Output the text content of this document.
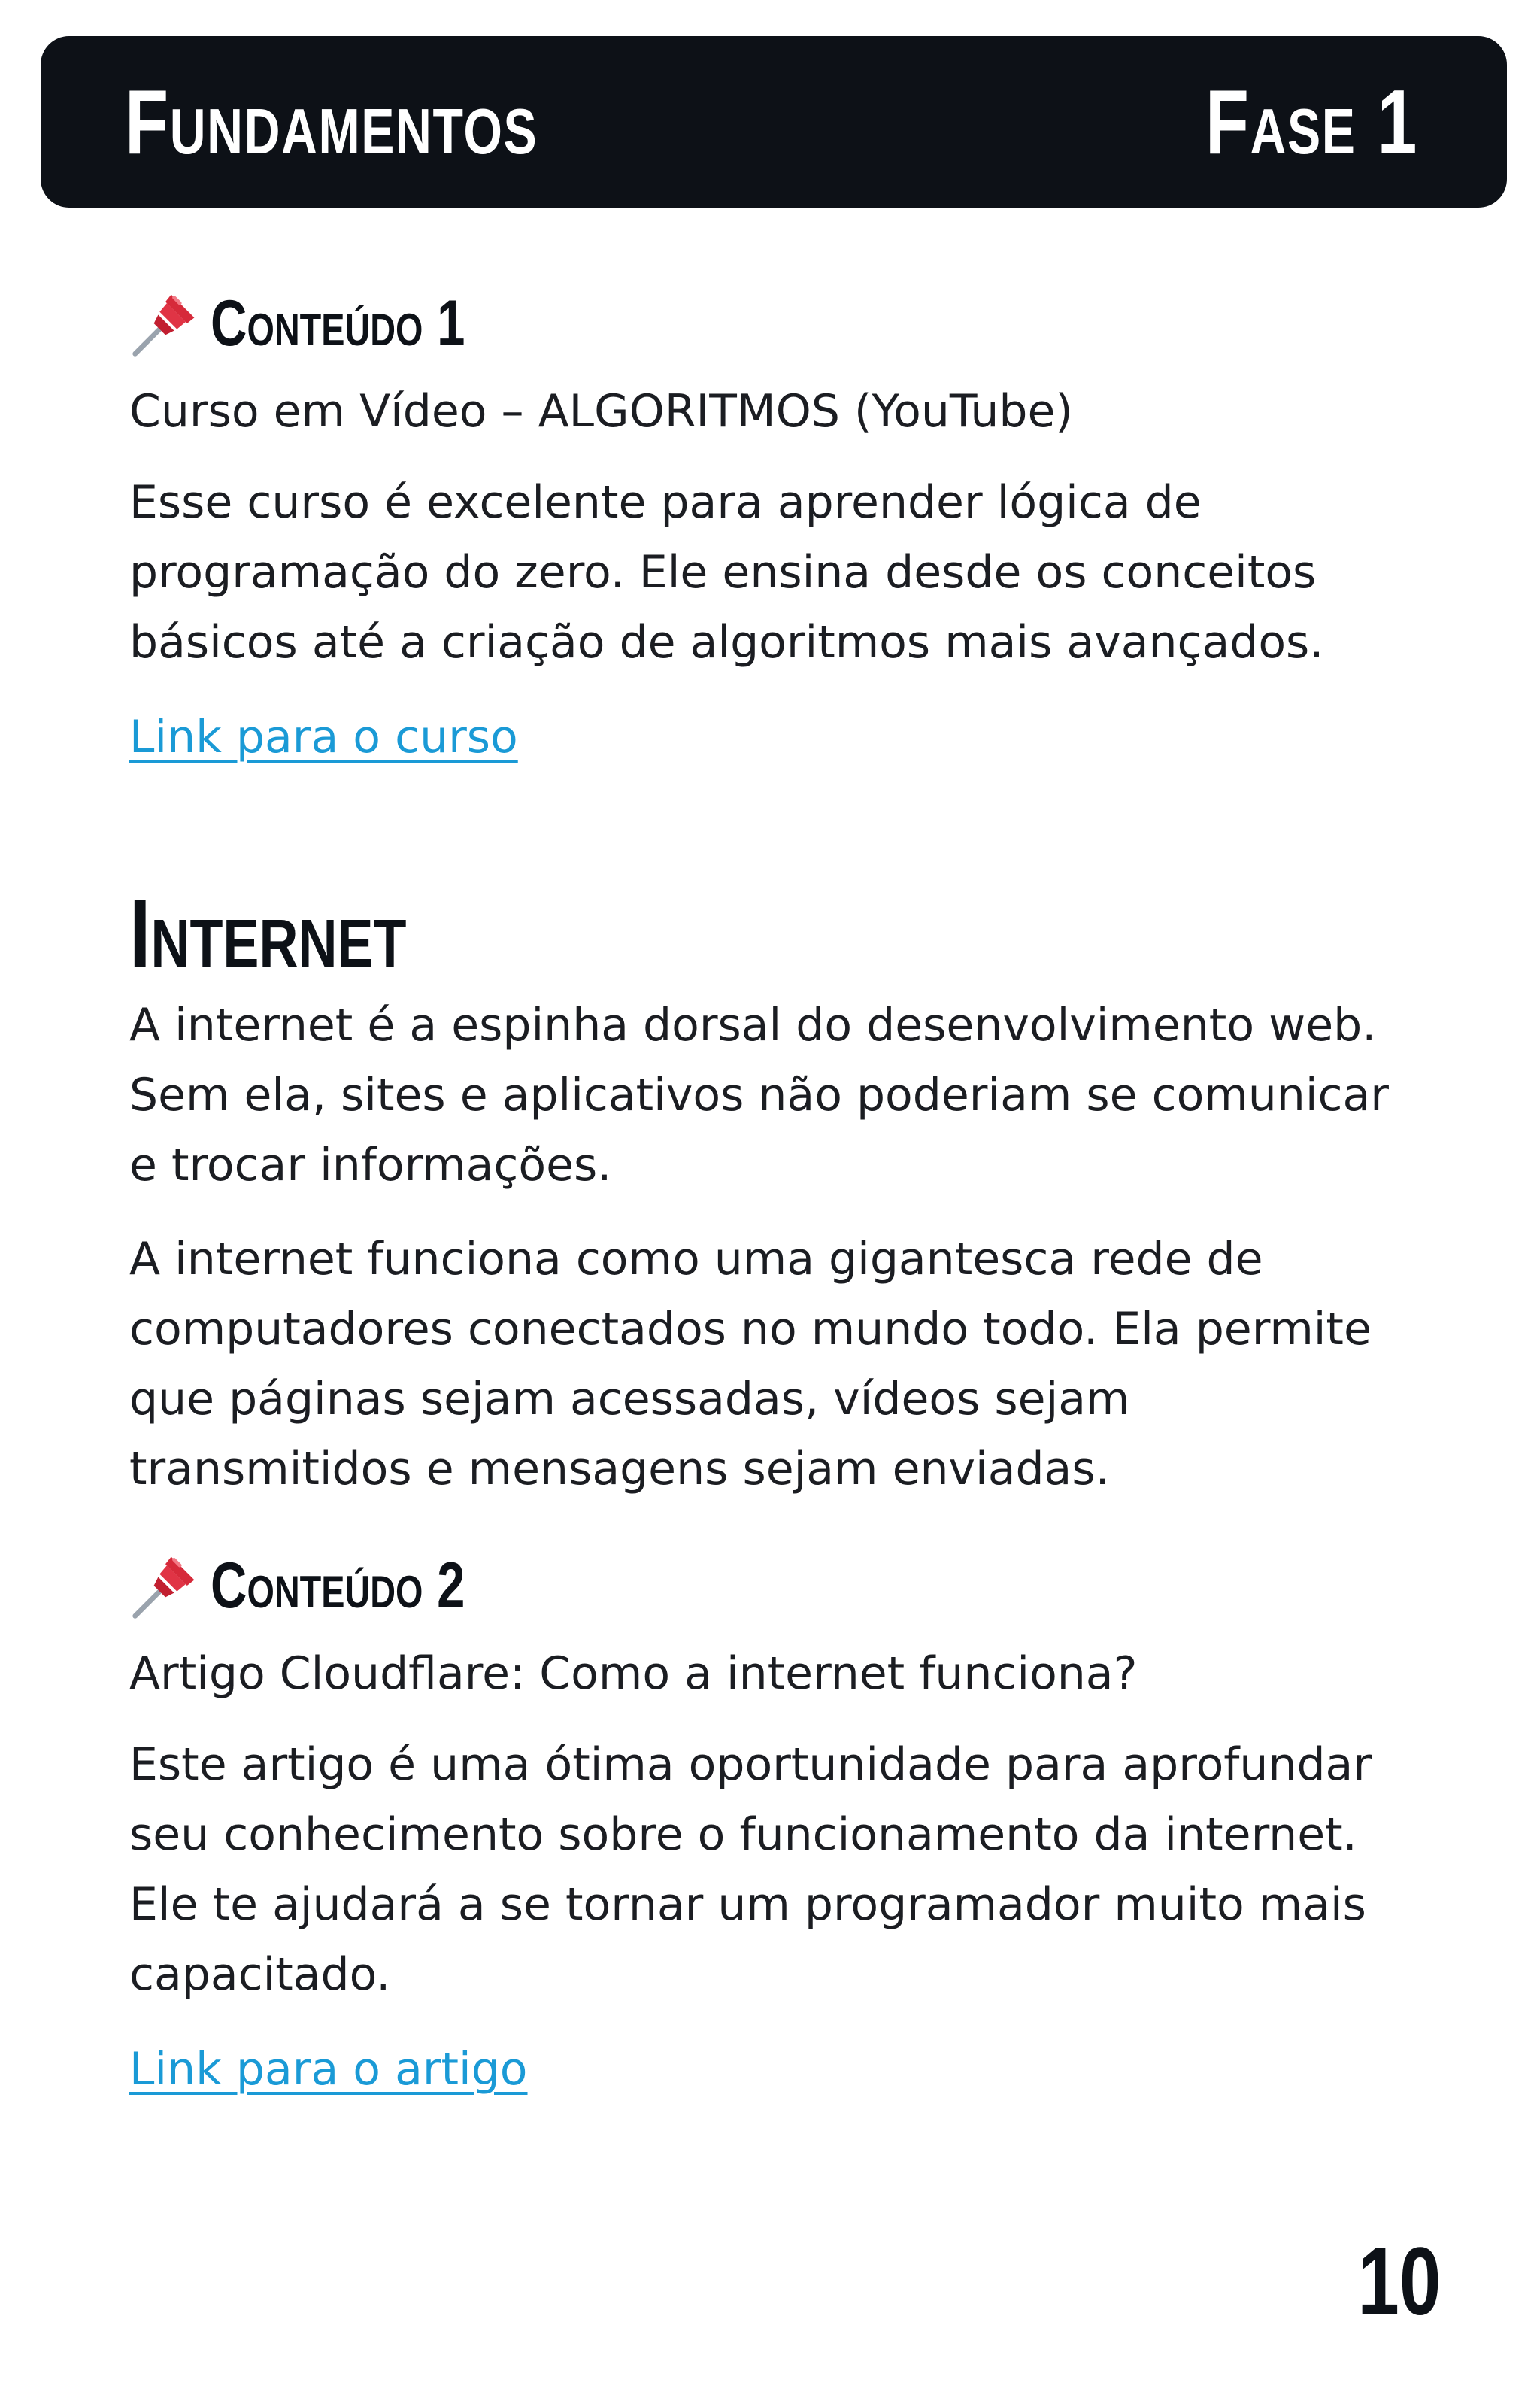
Fundamentos	Fase 1
Conteúdo 1
Curso em Vídeo – ALGORITMOS (YouTube)

Esse curso é excelente para aprender lógica de programação do zero. Ele ensina desde os conceitos básicos até a criação de algoritmos mais avançados.

Link para o curso
Internet

A internet é a espinha dorsal do desenvolvimento web. Sem ela, sites e aplicativos não poderiam se comunicar e trocar informações.

A internet funciona como uma gigantesca rede de computadores conectados no mundo todo. Ela permite que páginas sejam acessadas, vídeos sejam transmitidos e mensagens sejam enviadas.

Conteúdo 2
Artigo Cloudflare: Como a internet funciona?

Este artigo é uma ótima oportunidade para aprofundar seu conhecimento sobre o funcionamento da internet. Ele te ajudará a se tornar um programador muito mais capacitado.

Link para o artigo
10
